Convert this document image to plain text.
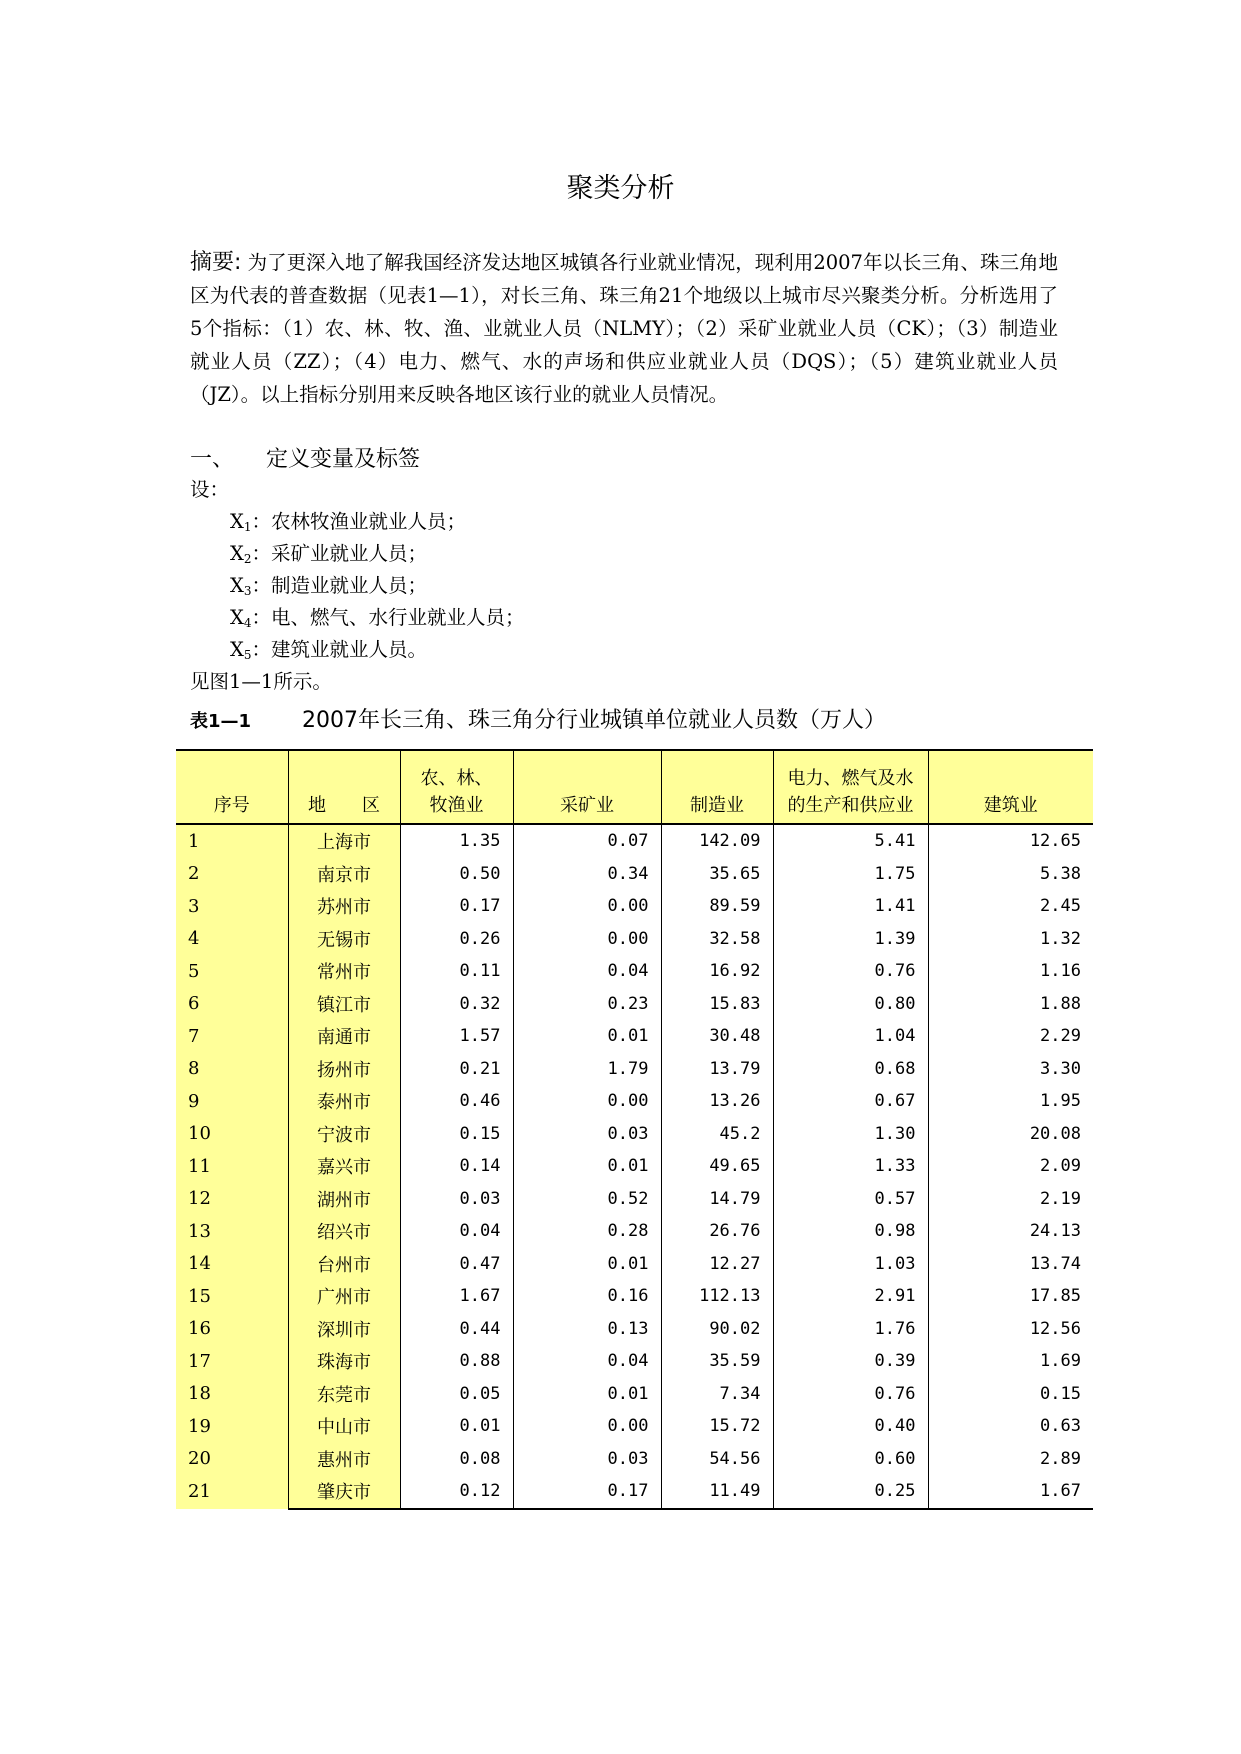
聚类分析
摘要: 为了更深入地了解我国经济发达地区城镇各行业就业情况，现利用2007年以长三角、珠三角地区为代表的普查数据（见表1—1），对长三角、珠三角21个地级以上城市尽兴聚类分析。分析选用了5个指标：（1）农、林、牧、渔、业就业人员（NLMY）；（2）采矿业就业人员（CK）；（3）制造业就业人员（ZZ）；（4）电力、燃气、水的声场和供应业就业人员（DQS）；（5）建筑业就业人员（JZ）。以上指标分别用来反映各地区该行业的就业人员情况。
一、 定义变量及标签
设：
$X_1$：农林牧渔业就业人员；
$X_2$：采矿业就业人员；
$X_3$：制造业就业人员；
$X_4$：电、燃气、水行业就业人员；
$X_5$：建筑业就业人员。
见图1—1所示。
表1—1 2007年长三角、珠三角分行业城镇单位就业人员数（万人）
序号	地　　区	农、林、牧渔业	采矿业	制造业	电力、燃气及水的生产和供应业	建筑业
1	上海市	1.35	0.07	142.09	5.41	12.65
2	南京市	0.50	0.34	35.65	1.75	5.38
3	苏州市	0.17	0.00	89.59	1.41	2.45
4	无锡市	0.26	0.00	32.58	1.39	1.32
5	常州市	0.11	0.04	16.92	0.76	1.16
6	镇江市	0.32	0.23	15.83	0.80	1.88
7	南通市	1.57	0.01	30.48	1.04	2.29
8	扬州市	0.21	1.79	13.79	0.68	3.30
9	泰州市	0.46	0.00	13.26	0.67	1.95
10	宁波市	0.15	0.03	45.2	1.30	20.08
11	嘉兴市	0.14	0.01	49.65	1.33	2.09
12	湖州市	0.03	0.52	14.79	0.57	2.19
13	绍兴市	0.04	0.28	26.76	0.98	24.13
14	台州市	0.47	0.01	12.27	1.03	13.74
15	广州市	1.67	0.16	112.13	2.91	17.85
16	深圳市	0.44	0.13	90.02	1.76	12.56
17	珠海市	0.88	0.04	35.59	0.39	1.69
18	东莞市	0.05	0.01	7.34	0.76	0.15
19	中山市	0.01	0.00	15.72	0.40	0.63
20	惠州市	0.08	0.03	54.56	0.60	2.89
21	肇庆市	0.12	0.17	11.49	0.25	1.67
